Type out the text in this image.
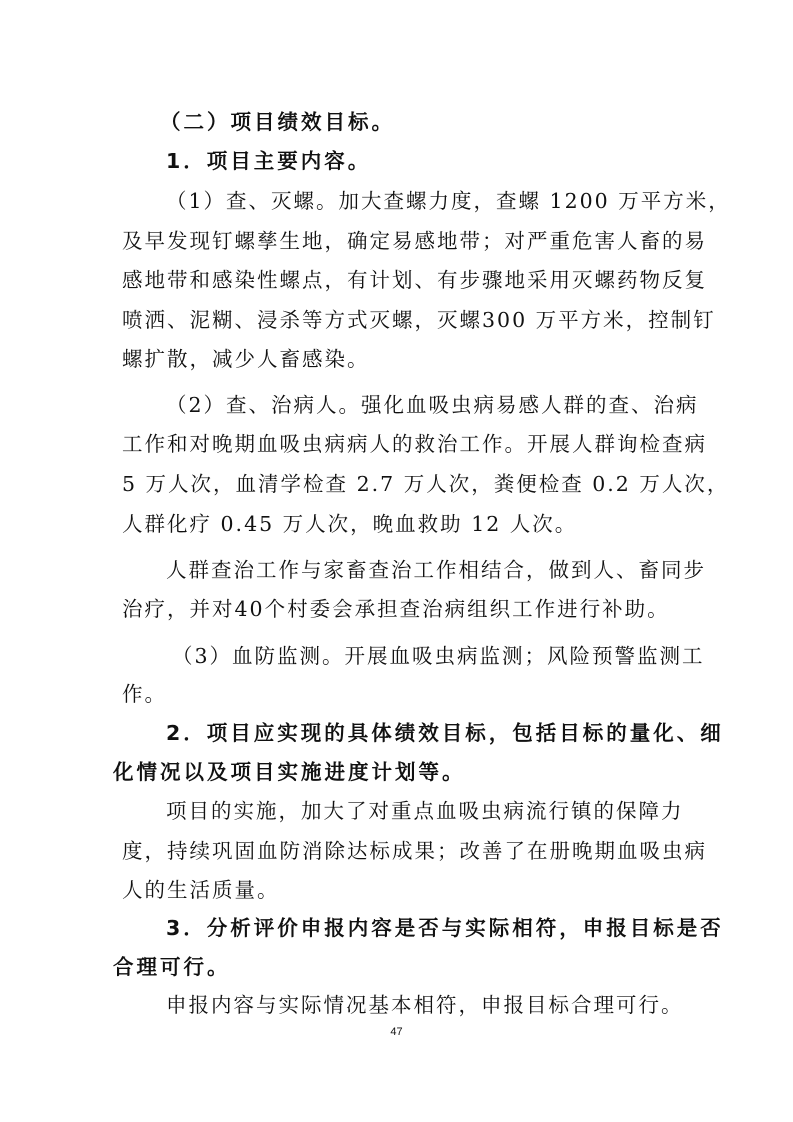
（二）项目绩效目标。
1．项目主要内容。
（1）查、灭螺。加大查螺力度，查螺 1200 万平方米，
及早发现钉螺孳生地，确定易感地带；对严重危害人畜的易
感地带和感染性螺点，有计划、有步骤地采用灭螺药物反复
喷洒、泥糊、浸杀等方式灭螺，灭螺300 万平方米，控制钉
螺扩散，减少人畜感染。
（2）查、治病人。强化血吸虫病易感人群的查、治病
工作和对晚期血吸虫病病人的救治工作。开展人群询检查病
5 万人次，血清学检查 2.7 万人次，粪便检查 0.2 万人次，
人群化疗 0.45 万人次，晚血救助 12 人次。
人群查治工作与家畜查治工作相结合，做到人、畜同步
治疗，并对40个村委会承担查治病组织工作进行补助。
（3）血防监测。开展血吸虫病监测；风险预警监测工
作。
2．项目应实现的具体绩效目标，包括目标的量化、细
化情况以及项目实施进度计划等。
项目的实施，加大了对重点血吸虫病流行镇的保障力
度，持续巩固血防消除达标成果；改善了在册晚期血吸虫病
人的生活质量。
3．分析评价申报内容是否与实际相符，申报目标是否
合理可行。
申报内容与实际情况基本相符，申报目标合理可行。
47
